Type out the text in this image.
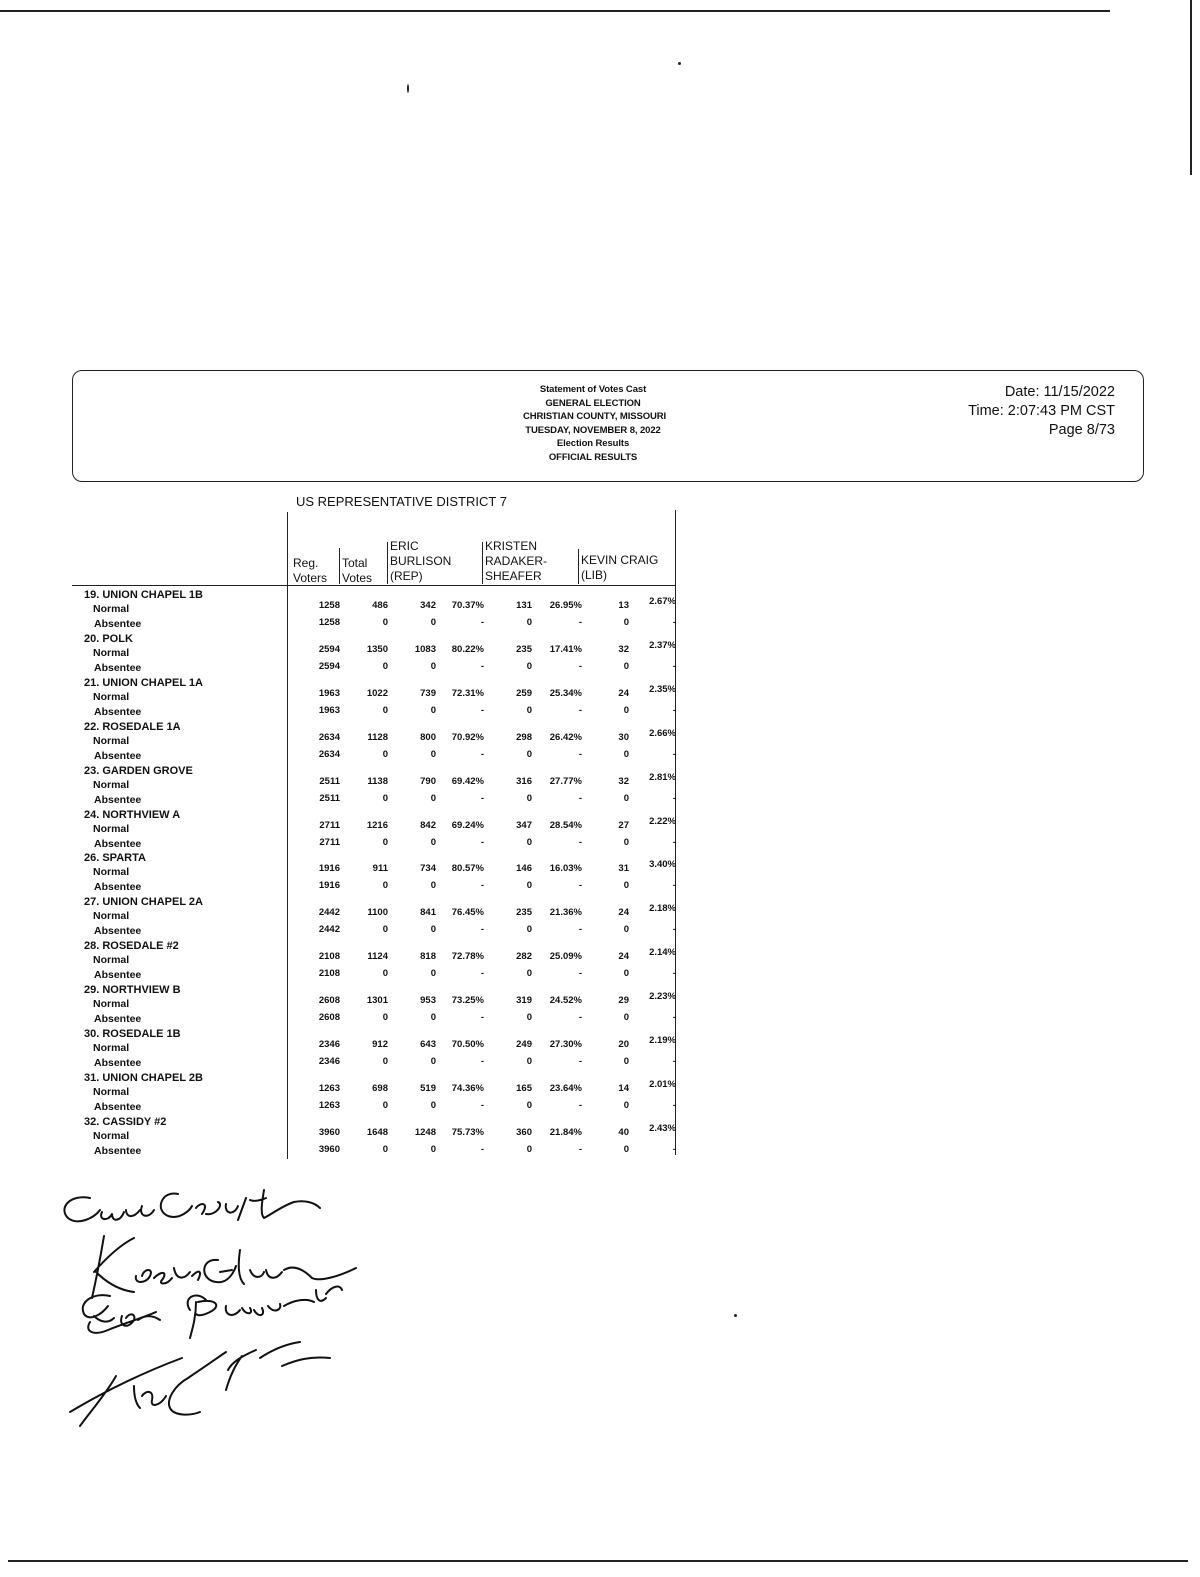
Statement of Votes Cast
GENERAL ELECTION
CHRISTIAN COUNTY, MISSOURI
TUESDAY, NOVEMBER 8, 2022
Election Results
OFFICIAL RESULTS
Date: 11/15/2022
Time: 2:07:43 PM CST
Page 8/73
US REPRESENTATIVE DISTRICT 7
Reg.
Voters
Total
Votes
ERIC
BURLISON
(REP)
KRISTEN
RADAKER-
SHEAFER
KEVIN CRAIG
(LIB)
19. UNION CHAPEL 1B
Normal	1258	486	342 70.37%	131 26.95%	13 2.67%
Absentee	1258	0	0	-	0	-	0	-
20. POLK
Normal	2594	1350	1083 80.22%	235 17.41%	32 2.37%
Absentee	2594	0	0	-	0	-	0	-
21. UNION CHAPEL 1A
Normal	1963	1022	739 72.31%	259 25.34%	24 2.35%
Absentee	1963	0	0	-	0	-	0	-
22. ROSEDALE 1A
Normal	2634	1128	800 70.92%	298 26.42%	30 2.66%
Absentee	2634	0	0	-	0	-	0	-
23. GARDEN GROVE
Normal	2511	1138	790 69.42%	316 27.77%	32 2.81%
Absentee	2511	0	0	-	0	-	0	-
24. NORTHVIEW A
Normal	2711	1216	842 69.24%	347 28.54%	27 2.22%
Absentee	2711	0	0	-	0	-	0	-
26. SPARTA
Normal	1916	911	734 80.57%	146 16.03%	31 3.40%
Absentee	1916	0	0	-	0	-	0	-
27. UNION CHAPEL 2A
Normal	2442	1100	841 76.45%	235 21.36%	24 2.18%
Absentee	2442	0	0	-	0	-	0	-
28. ROSEDALE #2
Normal	2108	1124	818 72.78%	282 25.09%	24 2.14%
Absentee	2108	0	0	-	0	-	0	-
29. NORTHVIEW B
Normal	2608	1301	953 73.25%	319 24.52%	29 2.23%
Absentee	2608	0	0	-	0	-	0	-
30. ROSEDALE 1B
Normal	2346	912	643 70.50%	249 27.30%	20 2.19%
Absentee	2346	0	0	-	0	-	0	-
31. UNION CHAPEL 2B
Normal	1263	698	519 74.36%	165 23.64%	14 2.01%
Absentee	1263	0	0	-	0	-	0	-
32. CASSIDY #2
Normal	3960	1648	1248 75.73%	360 21.84%	40 2.43%
Absentee	3960	0	0	-	0	-	0	-
